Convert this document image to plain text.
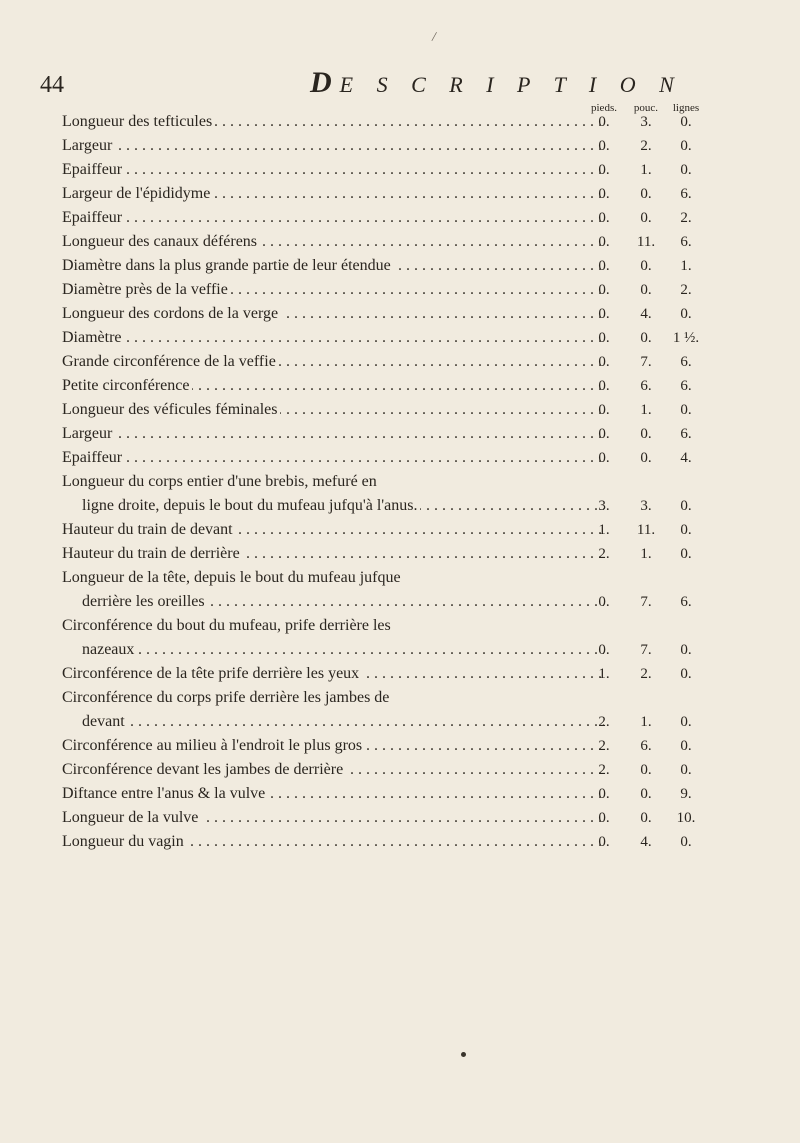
/
44	DE S C R I P T I O N
pieds.	pouc.	lignes
Longueur des tefticules . . .	0.	3.	0.
Largeur . . .	0.	2.	0.
Epaiffeur . . .	0.	1.	0.
Largeur de l'épididyme . . .	0.	0.	6.
Epaiffeur . . .	0.	0.	2.
Longueur des canaux déférens . . .	0.	11.	6.
Diamètre dans la plus grande partie de leur étendue . . .	0.	0.	1.
Diamètre près de la veffie . . .	0.	0.	2.
Longueur des cordons de la verge . . .	0.	4.	0.
Diamètre . . .	0.	0.	1 ½.
Grande circonférence de la veffie . . .	0.	7.	6.
Petite circonférence . . .	0.	6.	6.
Longueur des véficules féminales . . .	0.	1.	0.
Largeur . . .	0.	0.	6.
Epaiffeur . . .	0.	0.	4.
Longueur du corps entier d'une brebis, mefuré en
ligne droite, depuis le bout du mufeau jufqu'à l'anus. . . .	3.	3.	0.
Hauteur du train de devant . . .	1.	11.	0.
Hauteur du train de derrière . . .	2.	1.	0.
Longueur de la tête, depuis le bout du mufeau jufque
derrière les oreilles . . .	0.	7.	6.
Circonférence du bout du mufeau, prife derrière les
nazeaux . . .	0.	7.	0.
Circonférence de la tête prife derrière les yeux . . .	1.	2.	0.
Circonférence du corps prife derrière les jambes de
devant . . .	2.	1.	0.
Circonférence au milieu à l'endroit le plus gros . . .	2.	6.	0.
Circonférence devant les jambes de derrière . . .	2.	0.	0.
Diftance entre l'anus & la vulve . . .	0.	0.	9.
Longueur de la vulve . . .	0.	0.	10.
Longueur du vagin . . .	0.	4.	0.
